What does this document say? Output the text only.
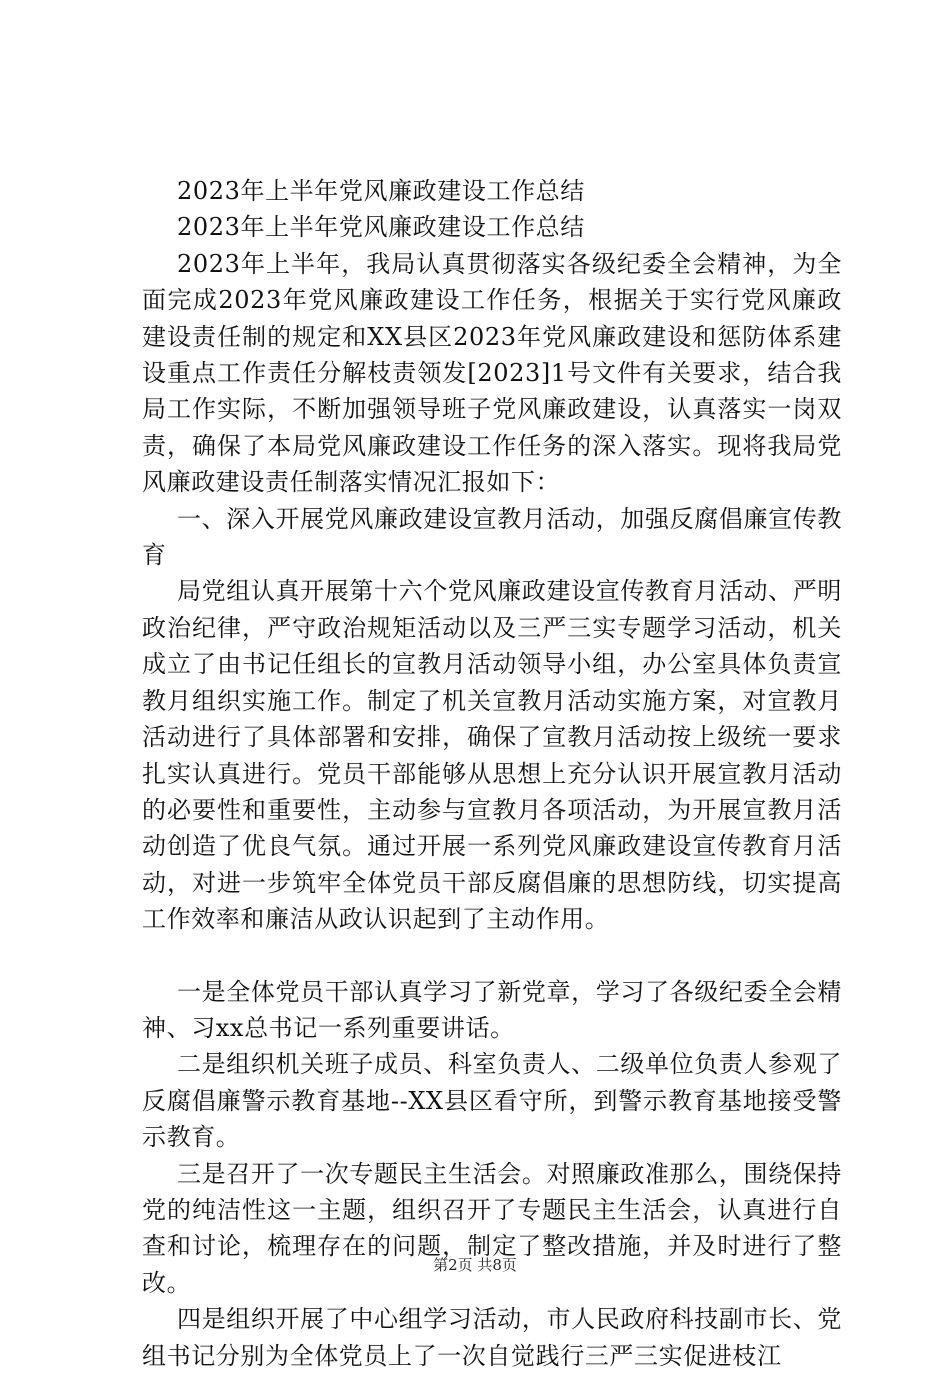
2023年上半年党风廉政建设工作总结

2023年上半年党风廉政建设工作总结

2023年上半年，我局认真贯彻落实各级纪委全会精神，为全面完成2023年党风廉政建设工作任务，根据关于实行党风廉政建设责任制的规定和XX县区2023年党风廉政建设和惩防体系建设重点工作责任分解枝责领发[2023]1号文件有关要求，结合我局工作实际，不断加强领导班子党风廉政建设，认真落实一岗双责，确保了本局党风廉政建设工作任务的深入落实。现将我局党风廉政建设责任制落实情况汇报如下：

一、深入开展党风廉政建设宣教月活动，加强反腐倡廉宣传教育

局党组认真开展第十六个党风廉政建设宣传教育月活动、严明政治纪律，严守政治规矩活动以及三严三实专题学习活动，机关成立了由书记任组长的宣教月活动领导小组，办公室具体负责宣教月组织实施工作。制定了机关宣教月活动实施方案，对宣教月活动进行了具体部署和安排，确保了宣教月活动按上级统一要求扎实认真进行。党员干部能够从思想上充分认识开展宣教月活动的必要性和重要性，主动参与宣教月各项活动，为开展宣教月活动创造了优良气氛。通过开展一系列党风廉政建设宣传教育月活动，对进一步筑牢全体党员干部反腐倡廉的思想防线，切实提高工作效率和廉洁从政认识起到了主动作用。

一是全体党员干部认真学习了新党章，学习了各级纪委全会精神、习xx总书记一系列重要讲话。

二是组织机关班子成员、科室负责人、二级单位负责人参观了反腐倡廉警示教育基地--XX县区看守所，到警示教育基地接受警示教育。

三是召开了一次专题民主生活会。对照廉政准那么，围绕保持党的纯洁性这一主题，组织召开了专题民主生活会，认真进行自查和讨论，梳理存在的问题，制定了整改措施，并及时进行了整改。

四是组织开展了中心组学习活动，市人民政府科技副市长、党组书记分别为全体党员上了一次自觉践行三严三实促进枝江

第2页 共8页
